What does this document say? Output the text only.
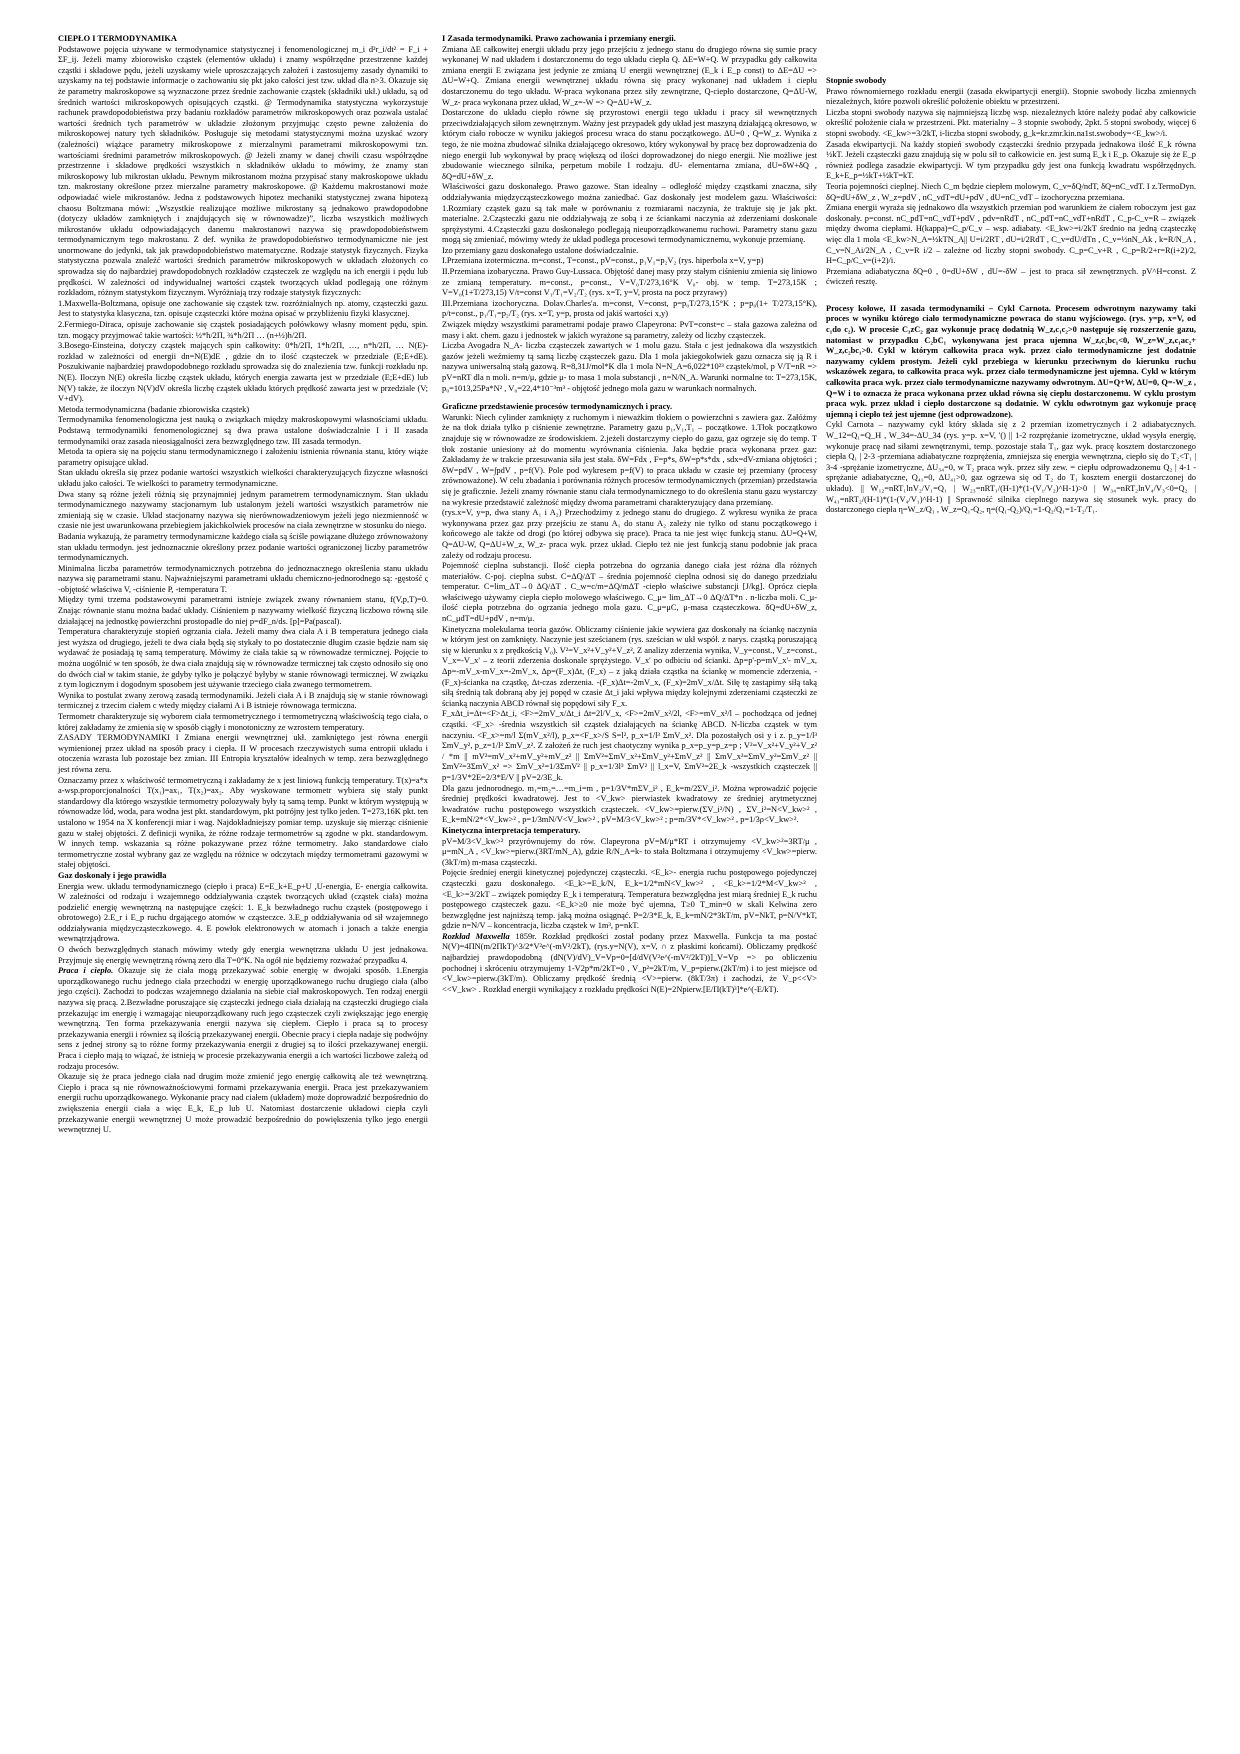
CIEPŁO I TERMODYNAMIKA

Podstawowe pojęcia używane w termodynamice statystycznej i fenomenologicznej m_i d²r_i/dt² = F_i + ΣF_ij. Jeżeli mamy zbiorowisko cząstek (elementów układu) i znamy współrzędne przestrzenne każdej cząstki i składowe pędu, jeżeli uzyskamy wiele uproszczających założeń i zastosujemy zasady dynamiki to uzyskamy na tej podstawie informacje o zachowaniu się pkt jako całości jest tzw. układ dla n>3. Okazuje się że parametry makroskopowe są wyznaczone przez średnie zachowanie cząstek (składniki ukł.) układu, są od średnich wartości mikroskopowych opisujących cząstki. @ Termodynamika statystyczna wykorzystuje rachunek prawdopodobieństwa przy badaniu rozkładów parametrów mikroskopowych oraz pozwala ustalać wartości średnich tych parametrów w układzie złożonym przyjmując często pewne założenia do mikroskopowej natury tych składników. Posługuje się metodami statystycznymi można uzyskać wzory (zależności) wiążące parametry mikroskopowe z mierzalnymi parametrami mikroskopowymi tzn. wartościami średnimi parametrów mikroskopowych. @ Jeżeli znamy w danej chwili czasu współrzędne przestrzenne i składowe prędkości wszystkich n składników układu to mówimy, że znamy stan mikroskopowy lub mikrostan układu. Pewnym mikrostanom można przypisać stany makroskopowe układu tzn. makrostany określone przez mierzalne parametry makroskopowe. @ Każdemu makrostanowi może odpowiadać wiele mikrostanów. Jedna z podstawowych hipotez mechaniki statystycznej zwana hipotezą chaosu Boltzmana mówi: „Wszystkie realizujące możliwe mikrostany są jednakowo prawdopodobne (dotyczy układów zamkniętych i znajdujących się w równowadze)”, liczba wszystkich możliwych mikrostanów układu odpowiadających danemu makrostanowi nazywa się prawdopodobieństwem termodynamicznym tego makrostanu. Z def. wynika że prawdopodobieństwo termodynamiczne nie jest unormowane do jedynki, tak jak prawdopodobieństwo matematyczne. Rodzaje statystyk fizycznych. Fizyka statystyczna pozwala znaleźć wartości średnich parametrów mikroskopowych w układach złożonych co sprowadza się do najbardziej prawdopodobnych rozkładów cząsteczek ze względu na ich energii i pędu lub prędkości. W zależności od indywidualnej wartości cząstek tworzących układ podlegają one różnym rozkładom, różnym statystykom fizycznym. Wyróżniają trzy rodzaje statystyk fizycznych:

1.Maxwella-Boltzmana, opisuje one zachowanie się cząstek tzw. rozróżnialnych np. atomy, cząsteczki gazu. Jest to statystyka klasyczna, tzn. opisuje cząsteczki które można opisać w przybliżeniu fizyki klasycznej.

2.Fermiego-Diraca, opisuje zachowanie się cząstek posiadających połówkowy własny moment pędu, spin. tzn. mogący przyjmować takie wartości: ½*h/2Π, ¾*h/2Π … (n+½)h/2Π.

3.Bosego-Einsteina, dotyczy cząstek mających spin całkowity: 0*h/2Π, 1*h/2Π, …, n*h/2Π, … N(E)- rozkład w zależności od energii dn=N(E)dE , gdzie dn to ilość cząsteczek w przedziale (E;E+dE). Poszukiwanie najbardziej prawdopodobnego rozkładu sprowadza się do znalezienia tzw. funkcji rozkładu np. N(E). Iloczyn N(E) określa liczbę cząstek układu, których energia zawarta jest w przedziale (E;E+dE) lub N(V) także, że iloczyn N(V)dV określa liczbę cząstek układu których prędkość zawarta jest w przedziale (V; V+dV).

Metoda termodynamiczna (badanie zbiorowiska cząstek)

Termodynamika fenomenologiczna jest nauką o związkach między makroskopowymi własnościami układu. Podstawą termodynamiki fenomenologicznej są dwa prawa ustalone doświadczalnie I i II zasada termodynamiki oraz zasada nieosiągalności zera bezwzględnego tzw. III zasada termodyn.

Metoda ta opiera się na pojęciu stanu termodynamicznego i założeniu istnienia równania stanu, który wiąże parametry opisujące układ.

Stan układu określa się przez podanie wartości wszystkich wielkości charakteryzujących fizyczne własności układu jako całości. Te wielkości to parametry termodynamiczne.

Dwa stany są różne jeżeli różnią się przynajmniej jednym parametrem termodynamicznym. Stan układu termodynamicznego nazywamy stacjonarnym lub ustalonym jeżeli wartości wszystkich parametrów nie zmieniają się w czasie. Układ stacjonarny nazywa się nierównowadzeniowym jeżeli jego niezmienność w czasie nie jest uwarunkowana przebiegiem jakichkolwiek procesów na ciała zewnętrzne w stosunku do niego.

Badania wykazują, że parametry termodynamiczne każdego ciała są ściśle powiązane dłużego zrównoważony stan układu termodyn. jest jednoznacznie określony przez podanie wartości ograniczonej liczby parametrów termodynamicznych.

Minimalna liczba parametrów termodynamicznych potrzebna do jednoznacznego określenia stanu układu nazywa się parametrami stanu. Najważniejszymi parametrami układu chemiczno-jednorodnego są: -gęstość ς -objętość właściwa V, -ciśnienie P, -temperatura T.

Między tymi trzema podstawowymi parametrami istnieje związek zwany równaniem stanu, f(V,p,T)=0. Znając równanie stanu można badać układy. Ciśnieniem p nazywamy wielkość fizyczną liczbowo równą sile działającej na jednostkę powierzchni prostopadle do niej p=dF_n/ds. [p]=Pa(pascal).

Temperatura charakteryzuje stopień ogrzania ciała. Jeżeli mamy dwa ciała A i B temperatura jednego ciała jest wyższa od drugiego, jeżeli te dwa ciała będą się stykały to po dostatecznie długim czasie będzie nam się wydawać że posiadają tę samą temperaturę. Mówimy że ciała takie są w równowadze termicznej. Pojęcie to można uogólnić w ten sposób, że dwa ciała znajdują się w równowadze termicznej tak często odnosiło się ono do dwóch ciał w takim stanie, że gdyby tylko je połączyć byłyby w stanie równowagi termicznej. W związku z tym logicznym i dogodnym sposobem jest używanie trzeciego ciała zwanego termometrem.

Wynika to postulat zwany zerową zasadą termodynamiki. Jeżeli ciała A i B znajdują się w stanie równowagi termicznej z trzecim ciałem c wtedy między ciałami A i B istnieje równowaga termiczna.

Termometr charakteryzuje się wyborem ciała termometrycznego i termometryczną właściwością tego ciała, o której zakładamy że zmienia się w sposób ciągły i monotoniczny ze wzrostem temperatury.

ZASADY TERMODYNAMIKI I Zmiana energii wewnętrznej ukł. zamkniętego jest równa energii wymienionej przez układ na sposób pracy i ciepła. II W procesach rzeczywistych suma entropii układu i otoczenia wzrasta lub pozostaje bez zmian. III Entropia kryształów idealnych w temp. zera bezwzględnego jest równa zeru.

Oznaczamy przez x właściwość termometryczną i zakładamy że x jest liniową funkcją temperatury. T(x)=a*x a-wsp.proporcjonalności T(x₁)=ax₁, T(x₂)=ax₂. Aby wyskowane termometr wybiera się stały punkt standardowy dla którego wszystkie termometry polozywały były tą samą temp. Punkt w którym występują w równowadze lód, woda, para wodna jest pkt. standardowym, pkt potrójny jest tylko jeden. T=273,16K pkt. ten ustalono w 1954 na X konferencji miar i wag. Najdokładniejszy pomiar temp. uzyskuje się mierząc ciśnienie gazu w stałej objętości. Z definicji wynika, że różne rodzaje termometrów są zgodne w pkt. standardowym. W innych temp. wskazania są różne pokazywane przez różne termometry. Jako standardowe ciało termometryczne został wybrany gaz ze względu na różnice w odczytach między termometrami gazowymi w stałej objętości.

Gaz doskonały i jego prawidła

Energia wew. układu termodynamicznego (ciepło i praca) E=E_k+E_p+U ,U-energia, E- energia całkowita. W zależności od rodzaju i wzajemnego oddziaływania cząstek tworzących układ (cząstek ciała) można podzielić energię wewnętrzną na następujące części: 1. E_k bezwładnego ruchu cząstek (postępowego i obrotowego) 2.E_r i E_p ruchu drgającego atomów w cząsteczce. 3.E_p oddziaływania od sił wzajemnego oddziaływania międzycząsteczkowego. 4. E powłok elektronowych w atomach i jonach a także energia wewnątrzjądrowa.

O dwóch bezwzględnych stanach mówimy wtedy gdy energia wewnętrzna układu U jest jednakowa. Przyjmuje się energię wewnętrzną równą zero dla T=0°K. Na ogół nie będziemy rozważać przypadku 4.

Praca i ciepło. Okazuje się że ciała mogą przekazywać sobie energię w dwojaki sposób. 1.Energia uporządkowanego ruchu jednego ciała przechodzi w energię uporządkowanego ruchu drugiego ciała (albo jego części). Zachodzi to podczas wzajemnego działania na siebie ciał makroskopowych. Ten rodzaj energii nazywa się pracą. 2.Bezwładne poruszające się cząsteczki jednego ciała działają na cząsteczki drugiego ciała przekazując im energię i wzmagając nieuporządkowany ruch jego cząsteczek czyli zwiększając jego energię wewnętrzną. Ten forma przekazywania energii nazywa się ciepłem. Ciepło i praca są to procesy przekazywania energii i równiez są ilością przekazywanej energii. Obecnie pracy i ciepła nadaje się podwójny sens z jednej strony są to różne formy przekazywania energii z drugiej są to ilości przekazywanej energii. Praca i ciepło mają to wiązać, że istnieją w procesie przekazywania energii a ich wartości liczbowe zależą od rodzaju procesów.

Okazuje się że praca jednego ciała nad drugim może zmienić jego energię całkowitą ale też wewnętrzną. Ciepło i praca są nie równoważnościowymi formami przekazywania energii. Praca jest przekazywaniem energii ruchu uporządkowanego. Wykonanie pracy nad ciałem (układem) może doprowadzić bezpośrednio do zwiększenia energii ciała a więc E_k, E_p lub U. Natomiast dostarczenie układowi ciepła czyli przekazywanie energii wewnętrznej U może prowadzić bezpośrednio do powiększenia tylko jego energii wewnętrznej U.

I Zasada termodynamiki. Prawo zachowania i przemiany energii.

Zmiana ΔE całkowitej energii układu przy jego przejściu z jednego stanu do drugiego równa się sumie pracy wykonanej W nad układem i dostarczonemu do tego układu ciepła Q. ΔE=W+Q. W przypadku gdy całkowita zmiana energii E związana jest jedynie ze zmianą U energii wewnętrznej (E_k i E_p const) to ΔE=ΔU => ΔU=W+Q. Zmiana energii wewnętrznej układu równa się pracy wykonanej nad układem i ciepłu dostarczonemu do tego układu. W-praca wykonana przez siły zewnętrzne, Q-ciepło dostarczone, Q=ΔU-W, W_z- praca wykonana przez układ, W_z=-W => Q=ΔU+W_z.

Dostarczone do układu ciepło równe się przyrostowi energii tego układu i pracy sił wewnętrznych przeciwdziałających siłom zewnętrznym. Ważny jest przypadek gdy układ jest maszyną działającą okresowo, w którym ciało robocze w wyniku jakiegoś procesu wraca do stanu początkowego. ΔU=0 , Q=W_z. Wynika z tego, że nie można zbudować silnika działającego okresowo, który wykonywał by pracę bez doprowadzenia do niego energii lub wykonywał by pracę większą od ilości doprowadzonej do niego energii. Nie możliwe jest zbudowanie wiecznego silnika, perpetum mobile I rodzaju. dU- elementarna zmiana, dU=δW+δQ , δQ=dU+δW_z.

Właściwości gazu doskonałego. Prawo gazowe. Stan idealny – odległość między cząstkami znaczna, siły oddziaływania międzycząsteczkowego można zaniedbać. Gaz doskonały jest modelem gazu. Właściwości: 1.Rozmiary cząstek gazu są tak małe w porównaniu z rozmiarami naczynia, że traktuje się je jak pkt. materialne. 2.Cząsteczki gazu nie oddziaływają ze sobą i ze ściankami naczynia aż zderzeniami doskonale sprężystymi. 4.Cząsteczki gazu doskonałego podlegają nieuporządkowanemu ruchowi. Parametry stanu gazu mogą się zmieniać, mówimy wtedy że układ podlega procesowi termodynamicznemu, wykonuje przemianę.

Izo przemiany gazu doskonałego ustalone doświadczalnie.

I.Przemiana izotermiczna. m=const., T=const., pV=const., p₁V₁=p₂V₂ (rys. hiperbola x=V, y=p)

II.Przemiana izobaryczna. Prawo Guy-Lussaca. Objętość danej masy przy stałym ciśnieniu zmienia się liniowo ze zmianą temperatury. m=const., p=const., V=V₀T/273,16°K V₀- obj. w temp. T=273,15K ; V=V₀(1+T/273,15) V/t=const V₁/T₁=V₂/T₂ (rys. x=T, y=V, prosta na pocz przyrawy)

III.Przemiana izochoryczna. Dolav.Charles'a. m=const, V=const, p=p₀T/273,15°K ; p=p₀(1+ T/273,15°K), p/t=const., p₁/T₁=p₂/T₂ (rys. x=T, y=p, prosta od jakiś wartości x,y)

Związek między wszystkimi parametrami podaje prawo Clapeyrona: PvT=const=c – stała gazowa zależna od masy i akt. chem. gazu i jednostek w jakich wyrażone są parametry, zależy od liczby cząsteczek.

Liczba Avogadra N_A- liczba cząsteczek zawartych w 1 molu gazu. Stała c jest jednakowa dla wszystkich gazów jeżeli weźmiemy tą samą liczbę cząsteczek gazu. Dla 1 mola jakiegokolwiek gazu oznacza się ją R i nazywa uniwersalną stałą gazową. R=8,31J/mol*K dla 1 mola N=N_A=6,022*10²³ cząstek/mol, p V/T=nR => pV=nRT dla n moli. n=m/μ, gdzie μ- to masa 1 mola substancji , n=N/N_A. Warunki normalne to: T=273,15K, p₀=1013,25Pa*N² , V₀=22,4*10⁻³m³ - objętość jednego mola gazu w warunkach normalnych.

Graficzne przedstawienie procesów termodynamicznych i pracy.

Warunki: Niech cylinder zamknięty z ruchomym i nieważkim tłokiem o powierzchni s zawiera gaz. Załóżmy że na tłok działa tylko p ciśnienie zewnętrzne. Parametry gazu p₁,V₁,T₁ – początkowe. 1.Tłok początkowo znajduje się w równowadze ze środowiskiem. 2.jeżeli dostarczymy ciepło do gazu, gaz ogrzeje się do temp. T tłok zostanie uniesiony aż do momentu wyrównania ciśnienia. Jaka będzie praca wykonana przez gaz: Zakładamy że w trakcie przesuwania siła jest stała. δW=Fdx , F=p*s, δW=p*s*dx , sdx=dV-zmiana objętości ; δW=pdV , W=∫pdV , p=f(V). Pole pod wykresem p=f(V) to praca układu w czasie tej przemiany (procesy zrównoważone). W celu zbadania i porównania różnych procesów termodynamicznych (przemian) przedstawia się je graficznie. Jeżeli znamy równanie stanu ciała termodynamicznego to do określenia stanu gazu wystarczy na wykresie przedstawić zależność między dwoma parametrami charakteryzujący dana przemianę.

(rys.x=V, y=p, dwa stany A₁ i A₂) Przechodzimy z jednego stanu do drugiego. Z wykresu wynika że praca wykonywana przez gaz przy przejściu ze stanu A₁ do stanu A₂ zależy nie tylko od stanu początkowego i końcowego ale także od drogi (po której odbywa się prace). Praca ta nie jest więc funkcją stanu. ΔU=Q+W, Q=ΔU-W, Q=ΔU+W_z, W_z- praca wyk. przez układ. Ciepło też nie jest funkcją stanu podobnie jak praca zależy od rodzaju procesu.

Pojemność cieplna substancji. Ilość ciepła potrzebna do ogrzania danego ciała jest różna dla różnych materiałów. C-poj. cieplna subst. C=ΔQ/ΔT – średnia pojemność cieplna odnosi się do danego przedziału temperatur. C=lim_ΔT→0 ΔQ/ΔT . C_w=c/m=ΔQ/mΔT -ciepło właściwe substancji [J/kg]. Oprócz ciepła właściwego używamy ciepła ciepło molowego właściwego. C_μ= lim_ΔT→0 ΔQ/ΔT*n . n-liczba moli. C_μ-ilość ciepła potrzebna do ogrzania jednego mola gazu. C_μ=μC, μ-masa cząsteczkowa. δQ=dU+δW_z, nC_μdT=dU+pdV , n=m/μ.

Kinetyczna molekularna teoria gazów. Obliczamy ciśnienie jakie wywiera gaz doskonały na ściankę naczynia w którym jest on zamknięty. Naczynie jest sześcianem (rys. sześcian w ukł współ. z narys. cząstką poruszającą się w kierunku x z prędkością V₀). V²=V_x²+V_y²+V_z², Z analizy zderzenia wynika, V_y=const., V_z=const., V_x=-V_x' – z teorii zderzenia doskonale sprężystego. V_x' po odbiciu od ścianki. Δp=p'-p=mV_x'- mV_x, Δp=-mV_x-mV_x=-2mV_x, Δp=(F_x)Δt, (F_x) – z jaką działa cząstka na ściankę w momencie zderzenia, -(F_x)-ścianka na cząstkę, Δt-czas zderzenia. -(F_x)Δt=-2mV_x, (F_x)=2mV_x/Δt. Siłę tę zastąpimy siłą taką siłą średnią tak dobraną aby jej popęd w czasie Δt_i jaki wpływa między kolejnymi zderzeniami cząsteczki ze ścianką naczynia ABCD równał się popędowi siły F_x.

F_xΔt_i=Δt=<F>Δt_i, <F>=2mV_x/Δt_i Δt=2l/V_x, <F>=2mV_x²/2l, <F>=mV_x²/l – pochodząca od jednej cząstki. <F_x> -średnia wszystkich sił cząstek działających na ściankę ABCD. N-liczba cząstek w tym naczyniu. <F_x>=m/l Σ(mV_x²/l), p_x=<F_x>/S S=l², p_x=1/l³ ΣmV_x². Dla pozostałych osi y i z. p_y=1/l³ ΣmV_y², p_z=1/l³ ΣmV_z². Z założeń że ruch jest chaotyczny wynika p_x=p_y=p_z=p ; V²=V_x²+V_y²+V_z² / *m || mV²=mV_x²+mV_y²+mV_z² || ΣmV²=ΣmV_x²+ΣmV_y²+ΣmV_z² || ΣmV_x²=ΣmV_y²=ΣmV_z² || ΣmV²=3ΣmV_x² => ΣmV_x²=1/3ΣmV² || p_x=1/3l³ ΣmV² || l_x=V, ΣmV²=2E_k -wszystkich cząsteczek || p=1/3V*2E=2/3*E/V || pV=2/3E_k.

Dla gazu jednorodnego. m₁=m₂=…=m_i=m , p=1/3V*mΣV_i² , E_k=m/2ΣV_i². Można wprowadzić pojęcie średniej prędkości kwadratowej. Jest to <V_kw> pierwiastek kwadratowy ze średniej arytmetycznej kwadratów ruchu postępowego wszystkich cząsteczek. <V_kw>=pierw.(ΣV_i²/N) , ΣV_i²=N<V_kw>² , E_k=mN/2*<V_kw>² , p=1/3mN/V<V_kw>² , pV=M/3<V_kw>² ; p=m/3V*<V_kw>² , p=1/3ρ<V_kw>².

Kinetyczna interpretacja temperatury.

pV=M/3<V_kw>² przyrównujemy do rów. Clapeyrona pV=M/μ*RT i otrzymujemy <V_kw>²=3RT/μ , μ=mN_A , <V_kw>=pierw.(3RT/mN_A), gdzie R/N_A=k- to stała Boltzmana i otrzymujemy <V_kw>=pierw.(3kT/m) m-masa cząsteczki.

Pojęcie średniej energii kinetycznej pojedynczej cząsteczki. <E_k>- energia ruchu postępowego pojedynczej cząsteczki gazu doskonałego. <E_k>=E_k/N, E_k=1/2*mN<V_kw>² , <E_k>=1/2*M<V_kw>² , <E_k>=3/2kT – związek pomiędzy E_k i temperaturą. Temperatura bezwzględna jest miarą średniej E_k ruchu postępowego cząsteczek gazu. <E_k>≥0 nie może być ujemna, T≥0 T_min=0 w skali Kelwina zero bezwzględne jest najniższą temp. jaką można osiągnąć. P=2/3*E_k, E_k=mN/2*3kT/m, pV=NkT, p=N/V*kT, gdzie n=N/V – koncentracja, liczba cząstek w 1m³, p=nkT.

Rozkład Maxwella 1859r. Rozkład prędkości został podany przez Maxwella. Funkcja ta ma postać N(V)=4ΠN(m/2ΠkT)^3/2*V²e^(-mV²/2kT), (rys.y=N(V), x=V, ∩ z płaskimi końcami). Obliczamy prędkość najbardziej prawdopodobną (dN(V)/dV)_V=Vp=0=[d/dV(V²e^(-mV²/2kT))]_V=Vp => po obliczeniu pochodnej i skróceniu otrzymujemy 1-V2p*m/2kT=0 , V_p²=2kT/m, V_p=pierw.(2kT/m) i to jest miejsce od <V_kw>=pierw.(3kT/m). Obliczamy prędkość średnią <V>=pierw. (8kT/3π) i zachodzi, że V_p<<V><<V_kw> . Rozkład energii wynikający z rozkładu prędkości N(E)=2Npierw.[E/Π(kT)³]*e^(-E/kT).

Stopnie swobody

Prawo równomiernego rozkładu energii (zasada ekwipartycji energii). Stopnie swobody liczba zmiennych niezależnych, które pozwoli określić położenie obiektu w przestrzeni.

Liczba stopni swobody nazywa się najmniejszą liczbę wsp. niezależnych które należy podać aby całkowicie określić położenie ciała w przestrzeni. Pkt. materialny – 3 stopnie swobody, 2pkt. 5 stopni swobody, więcej 6 stopni swobody. <E_kw>=3/2kT, i-liczba stopni swobody, g_k=kr.zmr.kin.na1st.swobody=<E_kw>/i.

Zasada ekwipartycji. Na każdy stopień swobody cząsteczki średnio przypada jednakowa ilość E_k równa ½kT. Jeżeli cząsteczki gazu znajdują się w polu sił to całkowicie en. jest sumą E_k i E_p. Okazuje się że E_p również podlega zasadzie ekwipartycji. W tym przypadku gdy jest ona funkcją kwadratu współrzędnych. E_k+E_p=½kT+½kT=kT.

Teoria pojemności cieplnej. Niech C_m będzie ciepłem molowym, C_v=δQ/ndT, δQ=nC_vdT. I z.TermoDyn. δQ=dU+δW_z , W_z=pdV , nC_vdT=dU+pdV , dU=nC_vdT – izochoryczna przemiana.

Zmiana energii wyraża się jednakowo dla wszystkich przemian pod warunkiem że ciałem roboczym jest gaz doskonały. p=const. nC_pdT=nC_vdT+pdV , pdv=nRdT , nC_pdT=nC_vdT+nRdT , C_p-C_v=R – związek między dwoma ciepłami. H(kappa)=C_p/C_v – wsp. adiabaty. <E_kw>=i/2kT średnio na jedną cząsteczkę więc dla 1 mola <E_kw>N_A=½kTN_A|| U=i/2RT , dU=i/2RdT , C_v=dU/dTn , C_v=½nN_Ak , k=R/N_A , C_v=N_Ai/2N_A , C_v=R i/2 – zależne od liczby stopni swobody. C_p=C_v+R , C_p=R/2+r=R(i+2)/2, H=C_p/C_v=(i+2)/i.

Przemiana adiabatyczna δQ=0 , 0=dU+δW , dU=-δW – jest to praca sił zewnętrznych. pV^H=const. Z ćwiczeń resztę.

Procesy kołowe, II zasada termodynamiki – Cykl Carnota. Procesem odwrotnym nazywamy taki proces w wyniku którego ciało termodynamiczne powraca do stanu wyjściowego. (rys. y=p, x=V, od c₁do c₂). W procesie C₁zC₂ gaz wykonuje pracę dodatnią W_z,c₁c₂>0 następuje się rozszerzenie gazu, natomiast w przypadku C₂bC₁ wykonywana jest praca ujemna W_z,c₂bc₁<0, W_z=W_z,c₁ac₂+ W_z,c₂bc₁>0. Cykl w którym całkowita praca wyk. przez ciało termodynamiczne jest dodatnie nazywamy cyklem prostym. Jeżeli cykl przebiega w kierunku przeciwnym do kierunku ruchu wskazówek zegara, to całkowita praca wyk. przez ciało termodynamiczne jest ujemna. Cykl w którym całkowita praca wyk. przez ciało termodynamiczne nazywamy odwrotnym. ΔU=Q+W, ΔU=0, Q=-W_z , Q=W i to oznacza że praca wykonana przez układ równa się ciepłu dostarczonemu. W cyklu prostym praca wyk. przez układ i ciepło dostarczone są dodatnie. W cyklu odwrotnym gaz wykonuje pracę ujemną i ciepło też jest ujemne (jest odprowadzone).

Cykl Carnota – nazywamy cykl który składa się z 2 przemian izometrycznych i 2 adiabatycznych. W_12=Q₁=Q_H , W_34=-ΔU_34 (rys. y=p. x=V, '() || 1-2 rozprężanie izometryczne, układ wysyła energię, wykonuje pracę nad siłami zewnętrznymi, temp. pozostaje stała T₁, gaz wyk. pracę kosztem dostarczonego ciepła Q₁ | 2-3 -przemiana adiabatyczne rozprężenia, zmniejsza się energia wewnętrzna, ciepło się do T₂<T₁ | 3-4 -sprężanie izometryczne, ΔU₃₄=0, w T₂ praca wyk. przez siły zew. = ciepłu odprowadzonemu Q₂ | 4-1 -sprężanie adiabatyczne, Q₄₁=0, ΔU₄₁>0, gaz ogrzewa się od T₂ do T₁ kosztem energii dostarczonej do układu). || W₁₂=nRT₁lnV₂/V₁=Q₁ | W₂₃=nRT₁/(H-1)*(1-(V₁/V₂)^H-1)>0 | W₃₄=nRT₂lnV₄/V₃<0=Q₂ | W₄₁=nRT₂/(H-1)*(1-(V₄/V₁)^H-1) || Sprawność silnika cieplnego nazywa się stosunek wyk. pracy do dostarczonego ciepła η=W_z/Q₁ , W_z=Q₁-Q₂, η=(Q₁-Q₂)/Q₁=1-Q₂/Q₁=1-T₂/T₁.
